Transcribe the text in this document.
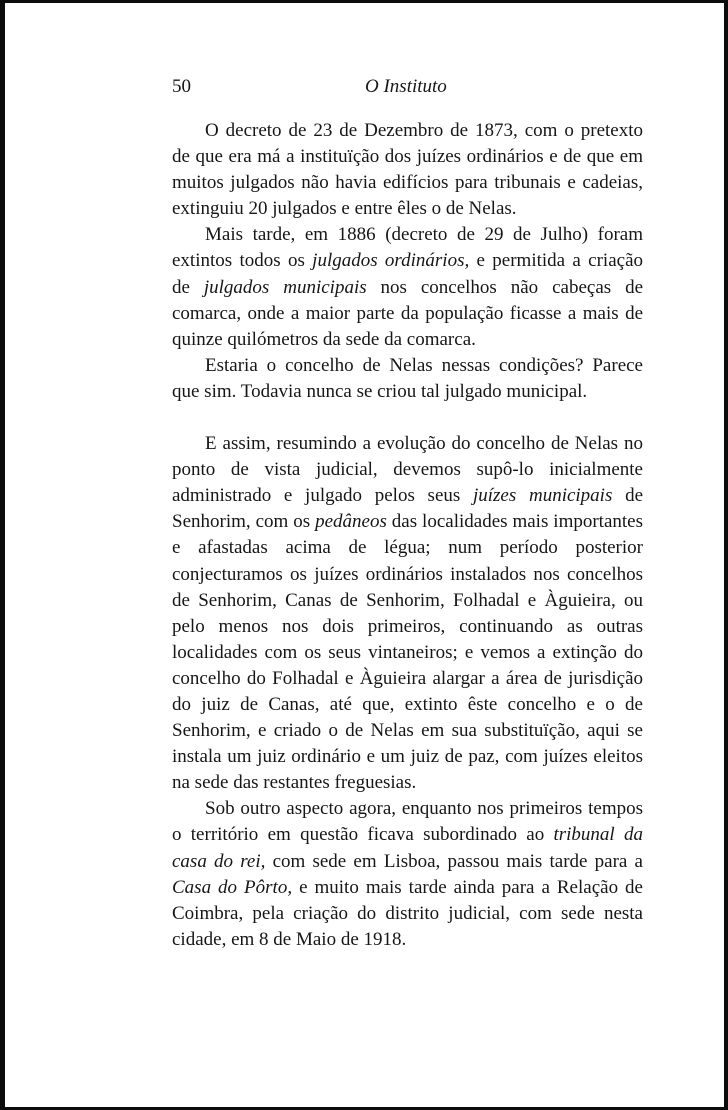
50	O Instituto

O decreto de 23 de Dezembro de 1873, com o pretexto de que era má a instituïção dos juízes ordinários e de que em muitos julgados não havia edifícios para tribunais e cadeias, extinguiu 20 julgados e entre êles o de Nelas.

Mais tarde, em 1886 (decreto de 29 de Julho) foram extintos todos os julgados ordinários, e permitida a criação de julgados municipais nos concelhos não cabeças de comarca, onde a maior parte da população ficasse a mais de quinze quilómetros da sede da comarca.

Estaria o concelho de Nelas nessas condições? Parece que sim. Todavia nunca se criou tal julgado municipal.

E assim, resumindo a evolução do concelho de Nelas no ponto de vista judicial, devemos supô-lo inicialmente administrado e julgado pelos seus juízes municipais de Senhorim, com os pedâneos das localidades mais importantes e afastadas acima de légua; num período posterior conjecturamos os juízes ordinários instalados nos concelhos de Senhorim, Canas de Senhorim, Folhadal e Àguieira, ou pelo menos nos dois primeiros, continuando as outras localidades com os seus vintaneiros; e vemos a extinção do concelho do Folhadal e Àguieira alargar a área de jurisdição do juiz de Canas, até que, extinto êste concelho e o de Senhorim, e criado o de Nelas em sua substituïção, aqui se instala um juiz ordinário e um juiz de paz, com juízes eleitos na sede das restantes freguesias.

Sob outro aspecto agora, enquanto nos primeiros tempos o território em questão ficava subordinado ao tribunal da casa do rei, com sede em Lisboa, passou mais tarde para a Casa do Pôrto, e muito mais tarde ainda para a Relação de Coimbra, pela criação do distrito judicial, com sede nesta cidade, em 8 de Maio de 1918.
